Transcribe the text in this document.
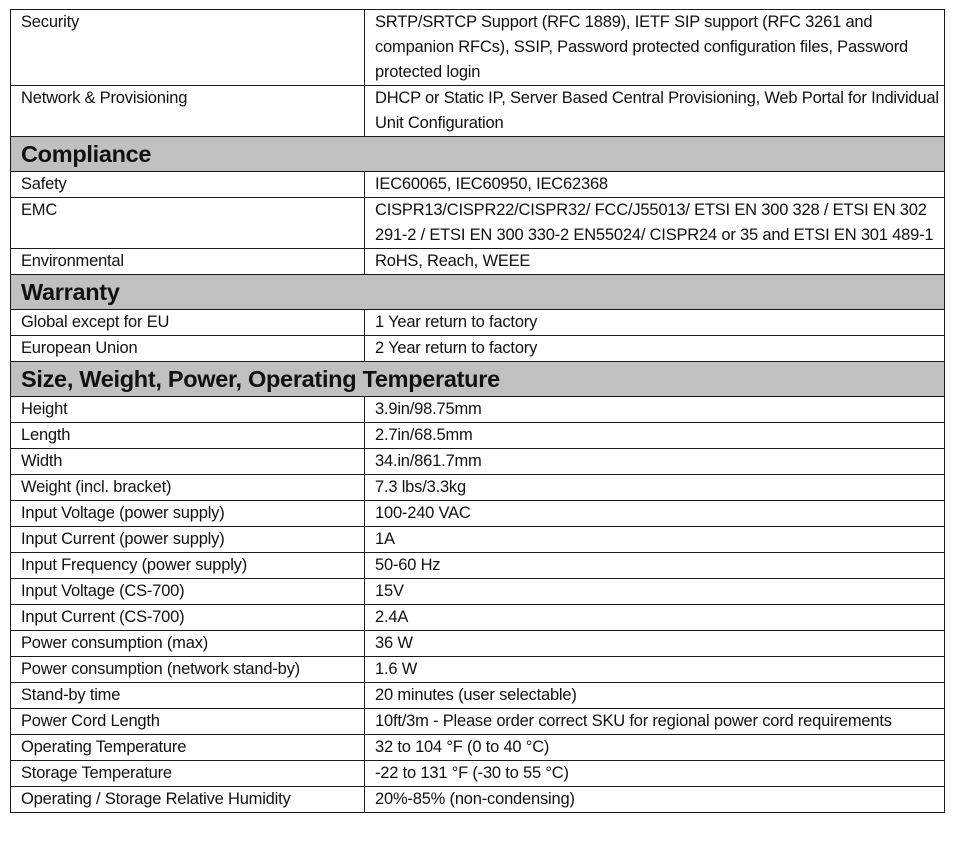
Security	SRTP/SRTCP Support (RFC 1889), IETF SIP support (RFC 3261 and companion RFCs), SSIP, Password protected configuration files, Password protected login
Network & Provisioning	DHCP or Static IP, Server Based Central Provisioning, Web Portal for Individual Unit Configuration
Compliance	
Safety	IEC60065, IEC60950, IEC62368
EMC	CISPR13/CISPR22/CISPR32/ FCC/J55013/ ETSI EN 300 328 / ETSI EN 302 291-2 / ETSI EN 300 330-2 EN55024/ CISPR24 or 35 and ETSI EN 301 489-1
Environmental	RoHS, Reach, WEEE
Warranty	
Global except for EU	1 Year return to factory
European Union	2 Year return to factory
Size, Weight, Power, Operating Temperature	
Height	3.9in/98.75mm
Length	2.7in/68.5mm
Width	34.in/861.7mm
Weight (incl. bracket)	7.3 lbs/3.3kg
Input Voltage (power supply)	100-240 VAC
Input Current (power supply)	1A
Input Frequency (power supply)	50-60 Hz
Input Voltage (CS-700)	15V
Input Current (CS-700)	2.4A
Power consumption (max)	36 W
Power consumption (network stand-by)	1.6 W
Stand-by time	20 minutes (user selectable)
Power Cord Length	10ft/3m - Please order correct SKU for regional power cord requirements
Operating Temperature	32 to 104 °F (0 to 40 °C)
Storage Temperature	-22 to 131 °F (-30 to 55 °C)
Operating / Storage Relative Humidity	20%-85% (non-condensing)
